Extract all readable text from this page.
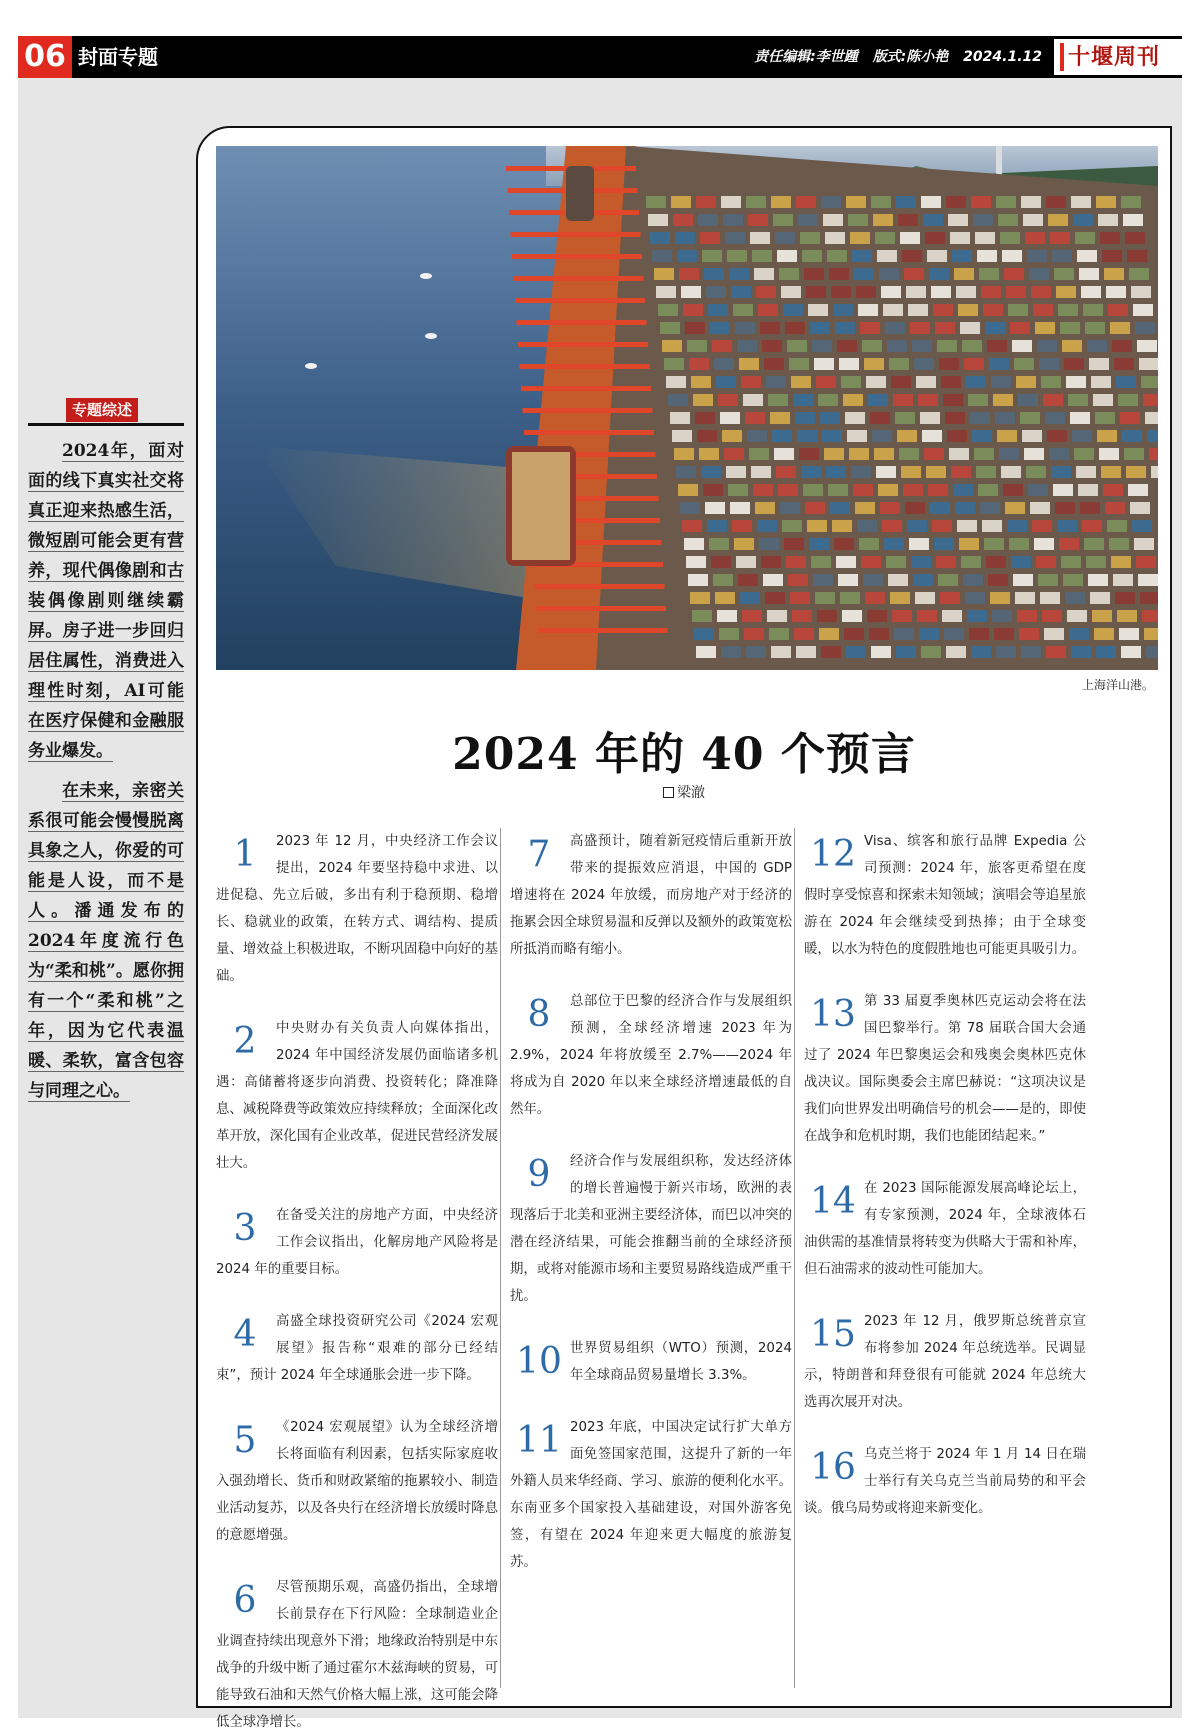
06 封面专题	责任编辑:李世踵 版式:陈小艳 2024.1.12 十堰周刊
专题综述

2024年，面对面的线下真实社交将真正迎来热感生活，微短剧可能会更有营养，现代偶像剧和古装偶像剧则继续霸屏。房子进一步回归居住属性，消费进入理性时刻，AI可能在医疗保健和金融服务业爆发。

在未来，亲密关系很可能会慢慢脱离具象之人，你爱的可能是人设，而不是人。潘通发布的2024年度流行色为“柔和桃”。愿你拥有一个“柔和桃”之年，因为它代表温暖、柔软，富含包容与同理之心。

上海洋山港。
2024 年的 40 个预言
梁澈

1	2023 年 12 月，中央经济工作会议提出，2024 年要坚持稳中求进、以进促稳、先立后破，多出有利于稳预期、稳增长、稳就业的政策，在转方式、调结构、提质量、增效益上积极进取，不断巩固稳中向好的基础。

2	中央财办有关负责人向媒体指出，2024 年中国经济发展仍面临诸多机遇：高储蓄将逐步向消费、投资转化；降准降息、减税降费等政策效应持续释放；全面深化改革开放，深化国有企业改革，促进民营经济发展壮大。

3	在备受关注的房地产方面，中央经济工作会议指出，化解房地产风险将是 2024 年的重要目标。

4	高盛全球投资研究公司《2024 宏观展望》报告称“艰难的部分已经结束”，预计 2024 年全球通胀会进一步下降。

5	《2024 宏观展望》认为全球经济增长将面临有利因素，包括实际家庭收入强劲增长、货币和财政紧缩的拖累较小、制造业活动复苏，以及各央行在经济增长放缓时降息的意愿增强。

6	尽管预期乐观，高盛仍指出，全球增长前景存在下行风险：全球制造业企业调查持续出现意外下滑；地缘政治特别是中东战争的升级中断了通过霍尔木兹海峡的贸易，可能导致石油和天然气价格大幅上涨，这可能会降低全球净增长。

7	高盛预计，随着新冠疫情后重新开放带来的提振效应消退，中国的 GDP 增速将在 2024 年放缓，而房地产对于经济的拖累会因全球贸易温和反弹以及额外的政策宽松所抵消而略有缩小。

8	总部位于巴黎的经济合作与发展组织预测，全球经济增速 2023 年为 2.9%，2024 年将放缓至 2.7%——2024 年将成为自 2020 年以来全球经济增速最低的自然年。

9	经济合作与发展组织称，发达经济体的增长普遍慢于新兴市场，欧洲的表现落后于北美和亚洲主要经济体，而巴以冲突的潜在经济结果，可能会推翻当前的全球经济预期，或将对能源市场和主要贸易路线造成严重干扰。

10 世界贸易组织（WTO）预测，2024 年全球商品贸易量增长 3.3%。

11 2023 年底，中国决定试行扩大单方面免签国家范围，这提升了新的一年外籍人员来华经商、学习、旅游的便利化水平。东南亚多个国家投入基础建设，对国外游客免签，有望在 2024 年迎来更大幅度的旅游复苏。

12 Visa、缤客和旅行品牌 Expedia 公司预测：2024 年，旅客更希望在度假时享受惊喜和探索未知领域；演唱会等追星旅游在 2024 年会继续受到热捧；由于全球变暖，以水为特色的度假胜地也可能更具吸引力。

13 第 33 届夏季奥林匹克运动会将在法国巴黎举行。第 78 届联合国大会通过了 2024 年巴黎奥运会和残奥会奥林匹克休战决议。国际奥委会主席巴赫说：“这项决议是我们向世界发出明确信号的机会——是的，即使在战争和危机时期，我们也能团结起来。”

14 在 2023 国际能源发展高峰论坛上，有专家预测，2024 年，全球液体石油供需的基准情景将转变为供略大于需和补库，但石油需求的波动性可能加大。

15 2023 年 12 月，俄罗斯总统普京宣布将参加 2024 年总统选举。民调显示，特朗普和拜登很有可能就 2024 年总统大选再次展开对决。

16 乌克兰将于 2024 年 1 月 14 日在瑞士举行有关乌克兰当前局势的和平会谈。俄乌局势或将迎来新变化。
